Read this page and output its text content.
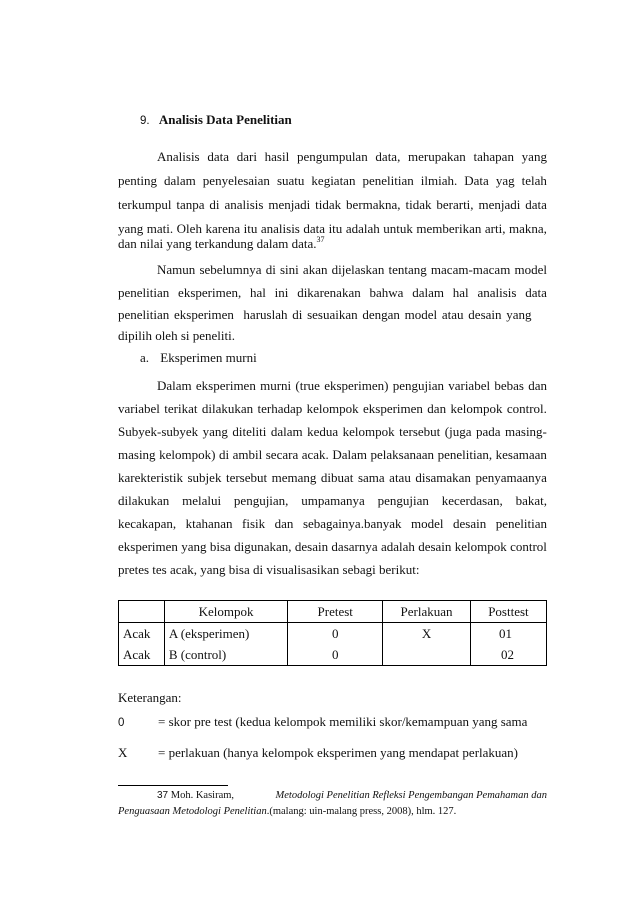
9. Analisis Data Penelitian
Analisis data dari hasil pengumpulan data, merupakan tahapan yang
penting dalam penyelesaian suatu kegiatan penelitian ilmiah. Data yag telah
terkumpul tanpa di analisis menjadi tidak bermakna, tidak berarti, menjadi data
yang mati. Oleh karena itu analisis data itu adalah untuk memberikan arti, makna,
dan nilai yang terkandung dalam data.$^{37}$
Namun sebelumnya di sini akan dijelaskan tentang macam-macam model
penelitian eksperimen, hal ini dikarenakan bahwa dalam hal analisis data
penelitian eksperimen  haruslah di sesuaikan dengan model atau desain yang
dipilih oleh si peneliti.
a. Eksperimen murni
Dalam eksperimen murni (true eksperimen) pengujian variabel bebas dan
variabel terikat dilakukan terhadap kelompok eksperimen dan kelompok control.
Subyek-subyek yang diteliti dalam kedua kelompok tersebut (juga pada masing-
masing kelompok) di ambil secara acak. Dalam pelaksanaan penelitian, kesamaan
karekteristik subjek tersebut memang dibuat sama atau disamakan penyamaanya
dilakukan melalui pengujian, umpamanya pengujian kecerdasan, bakat,
kecakapan, ktahanan fisik dan sebagainya.banyak model desain penelitian
eksperimen yang bisa digunakan, desain dasarnya adalah desain kelompok control
pretes tes acak, yang bisa di visualisasikan sebagi berikut:
	Kelompok	Pretest	Perlakuan	Posttest
Acak	A (eksperimen)	0	X	01
Acak	B (control)	0		02
Keterangan:
0	= skor pre test (kedua kelompok memiliki skor/kemampuan yang sama
X = perlakuan (hanya kelompok eksperimen yang mendapat perlakuan)
37 Moh. Kasiram,	Metodologi Penelitian Refleksi Pengembangan Pemahaman dan
Penguasaan Metodologi Penelitian.(malang: uin-malang press, 2008), hlm. 127.
